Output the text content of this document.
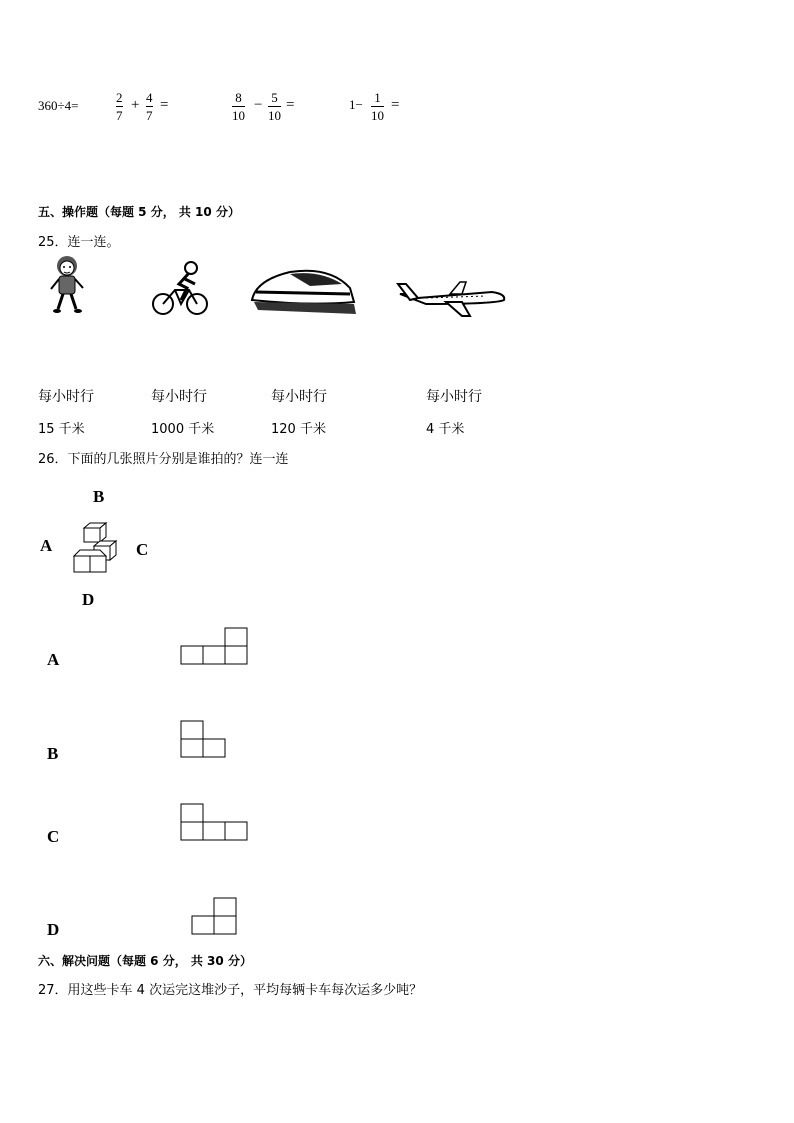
360÷4=
2
7
+ 4
7
=	8
10
− 5
10
=	1− 1
10
=
五、操作题（每题 5 分， 共 10 分）
25．连一连。
每小时行	每小时行	每小时行	每小时行
15 千米	1000 千米	120 千米	4 千米
26．下面的几张照片分别是谁拍的？连一连
B
A	C
D
A
B
C
D
六、解决问题（每题 6 分， 共 30 分）
27．用这些卡车 4 次运完这堆沙子，平均每辆卡车每次运多少吨？
